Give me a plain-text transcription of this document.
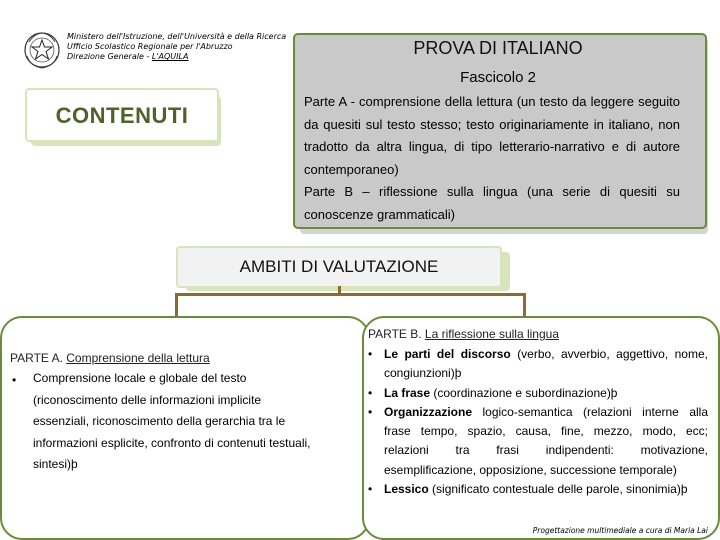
Ministero dell'Istruzione, dell'Università e della Ricerca
Ufficio Scolastico Regionale per l'Abruzzo
Direzione Generale - L'AQUILA	PROVA DI ITALIANO
Fascicolo 2

Parte A - comprensione della lettura (un testo da leggere seguito da quesiti sul testo stesso; testo originariamente in italiano, non tradotto da altra lingua, di tipo letterario-narrativo e di autore contemporaneo)

Parte B – riflessione sulla lingua (una serie di quesiti su conoscenze grammaticali)

CONTENUTI
AMBITI DI VALUTAZIONE
PARTE A. Comprensione della lettura
• Comprensione locale e globale del testo

(riconoscimento delle informazioni implicite

essenziali, riconoscimento della gerarchia tra le

informazioni esplicite, confronto di contenuti testuali,

sintesi)þ

PARTE B. La riflessione sulla lingua
• Le parti del discorso (verbo, avverbio, aggettivo, nome, congiunzioni)þ
• La frase (coordinazione e subordinazione)þ
• Organizzazione logico-semantica (relazioni interne alla frase tempo, spazio, causa, fine, mezzo, modo, ecc; relazioni tra frasi indipendenti: motivazione, esemplificazione, opposizione, successione temporale)
• Lessico (significato contestuale delle parole, sinonimia)þ
Progettazione multimediale a cura di Maria Lai
